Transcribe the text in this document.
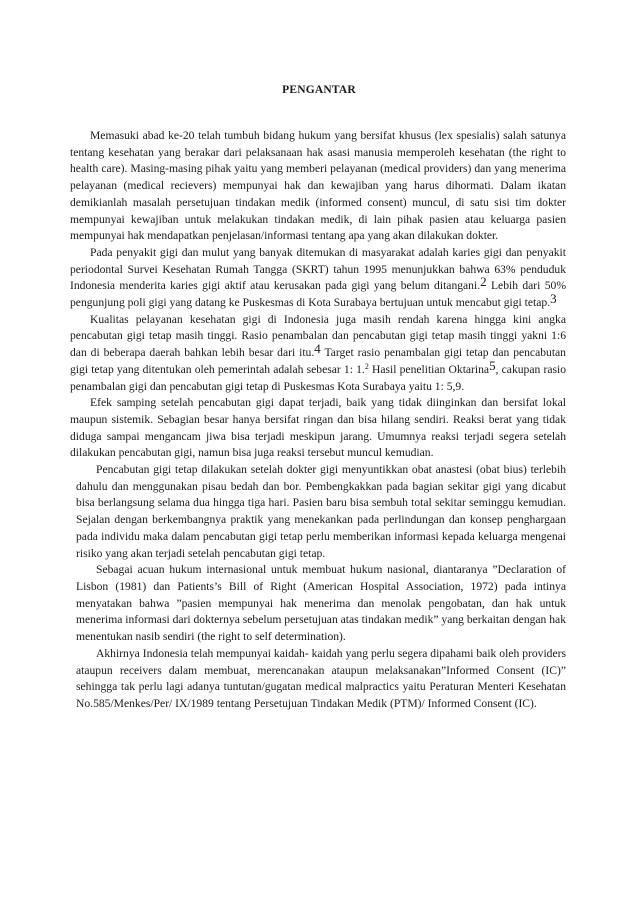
PENGANTAR

Memasuki abad ke-20 telah tumbuh bidang hukum yang bersifat khusus (lex spesialis) salah satunya tentang kesehatan yang berakar dari pelaksanaan hak asasi manusia memperoleh kesehatan (the right to health care). Masing-masing pihak yaitu yang memberi pelayanan (medical providers) dan yang menerima pelayanan (medical recievers) mempunyai hak dan kewajiban yang harus dihormati. Dalam ikatan demikianlah masalah persetujuan tindakan medik (informed consent) muncul, di satu sisi tim dokter mempunyai kewajiban untuk melakukan tindakan medik, di lain pihak pasien atau keluarga pasien mempunyai hak mendapatkan penjelasan/informasi tentang apa yang akan dilakukan dokter.

Pada penyakit gigi dan mulut yang banyak ditemukan di masyarakat adalah karies gigi dan penyakit periodontal Survei Kesehatan Rumah Tangga (SKRT) tahun 1995 menunjukkan bahwa 63% penduduk Indonesia menderita karies gigi aktif atau kerusakan pada gigi yang belum ditangani.$^2$ Lebih dari 50% pengunjung poli gigi yang datang ke Puskesmas di Kota Surabaya bertujuan untuk mencabut gigi tetap.$^3$

Kualitas pelayanan kesehatan gigi di Indonesia juga masih rendah karena hingga kini angka pencabutan gigi tetap masih tinggi. Rasio penambalan dan pencabutan gigi tetap masih tinggi yakni 1:6 dan di beberapa daerah bahkan lebih besar dari itu.$^4$ Target rasio penambalan gigi tetap dan pencabutan gigi tetap yang ditentukan oleh pemerintah adalah sebesar 1: 1.$^2$ Hasil penelitian Oktarina$^5$, cakupan rasio penambalan gigi dan pencabutan gigi tetap di Puskesmas Kota Surabaya yaitu 1: 5,9.

Efek samping setelah pencabutan gigi dapat terjadi, baik yang tidak diinginkan dan bersifat lokal maupun sistemik. Sebagian besar hanya bersifat ringan dan bisa hilang sendiri. Reaksi berat yang tidak diduga sampai mengancam jiwa bisa terjadi meskipun jarang. Umumnya reaksi terjadi segera setelah dilakukan pencabutan gigi, namun bisa juga reaksi tersebut muncul kemudian.

Pencabutan gigi tetap dilakukan setelah dokter gigi menyuntikkan obat anastesi (obat bius) terlebih dahulu dan menggunakan pisau bedah dan bor. Pembengkakkan pada bagian sekitar gigi yang dicabut bisa berlangsung selama dua hingga tiga hari. Pasien baru bisa sembuh total sekitar seminggu kemudian. Sejalan dengan berkembangnya praktik yang menekankan pada perlindungan dan konsep penghargaan pada individu maka dalam pencabutan gigi tetap perlu memberikan informasi kepada keluarga mengenai risiko yang akan terjadi setelah pencabutan gigi tetap.

Sebagai acuan hukum internasional untuk membuat hukum nasional, diantaranya ”Declaration of Lisbon (1981) dan Patients’s Bill of Right (American Hospital Association, 1972) pada intinya menyatakan bahwa ”pasien mempunyai hak menerima dan menolak pengobatan, dan hak untuk menerima informasi dari dokternya sebelum persetujuan atas tindakan medik” yang berkaitan dengan hak menentukan nasib sendiri (the right to self determination).

Akhirnya Indonesia telah mempunyai kaidah- kaidah yang perlu segera dipahami baik oleh providers ataupun receivers dalam membuat, merencanakan ataupun melaksanakan”Informed Consent (IC)” sehingga tak perlu lagi adanya tuntutan/gugatan medical malpractics yaitu Peraturan Menteri Kesehatan No.585/Menkes/Per/ IX/1989 tentang Persetujuan Tindakan Medik (PTM)/ Informed Consent (IC).
